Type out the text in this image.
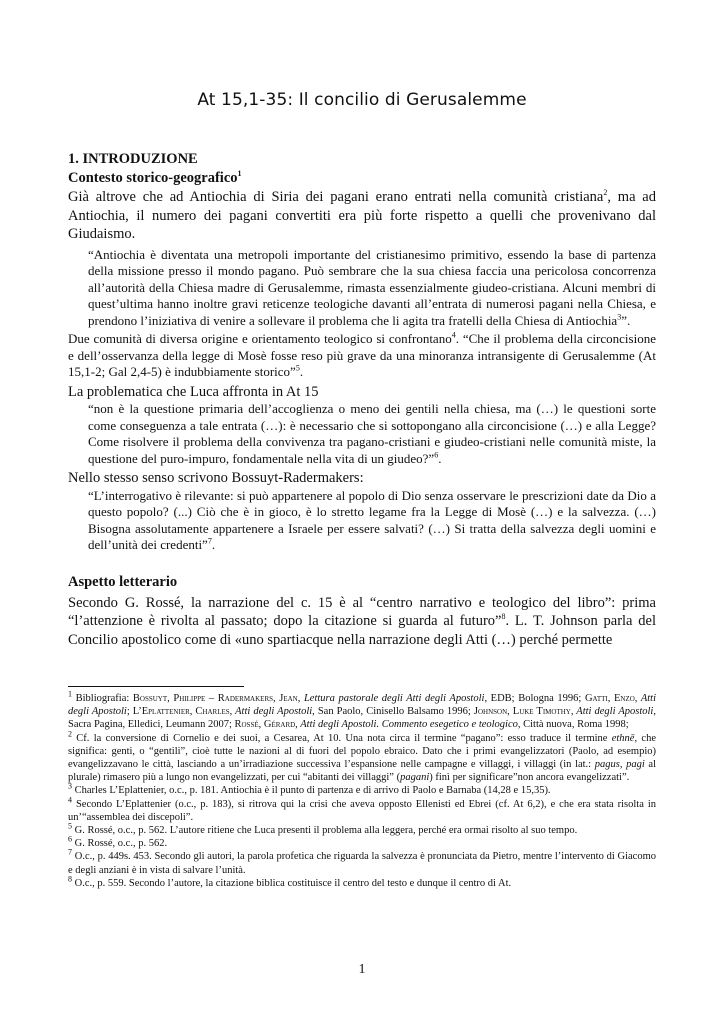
At 15,1-35: Il concilio di Gerusalemme

1. INTRODUZIONE

Contesto storico-geografico$^1$

Già altrove che ad Antiochia di Siria dei pagani erano entrati nella comunità cristiana$^2$, ma ad Antiochia, il numero dei pagani convertiti era più forte rispetto a quelli che provenivano dal Giudaismo.

“Antiochia è diventata una metropoli importante del cristianesimo primitivo, essendo la base di partenza della missione presso il mondo pagano. Può sembrare che la sua chiesa faccia una pericolosa concorrenza all’autorità della Chiesa madre di Gerusalemme, rimasta essenzialmente giudeo-cristiana. Alcuni membri di quest’ultima hanno inoltre gravi reticenze teologiche davanti all’entrata di numerosi pagani nella Chiesa, e prendono l’iniziativa di venire a sollevare il problema che li agita tra fratelli della Chiesa di Antiochia$^3$”.

Due comunità di diversa origine e orientamento teologico si confrontano$^4$. “Che il problema della circoncisione e dell’osservanza della legge di Mosè fosse reso più grave da una minoranza intransigente di Gerusalemme (At 15,1-2; Gal 2,4-5) è indubbiamente storico”$^5$.

La problematica che Luca affronta in At 15

“non è la questione primaria dell’accoglienza o meno dei gentili nella chiesa, ma (…) le questioni sorte come conseguenza a tale entrata (…): è necessario che si sottopongano alla circoncisione (…) e alla Legge? Come risolvere il problema della convivenza tra pagano-cristiani e giudeo-cristiani nelle comunità miste, la questione del puro-impuro, fondamentale nella vita di un giudeo?”$^6$.

Nello stesso senso scrivono Bossuyt-Radermakers:

“L’interrogativo è rilevante: si può appartenere al popolo di Dio senza osservare le prescrizioni date da Dio a questo popolo? (...) Ciò che è in gioco, è lo stretto legame fra la Legge di Mosè (…) e la salvezza. (…) Bisogna assolutamente appartenere a Israele per essere salvati? (…) Si tratta della salvezza degli uomini e dell’unità dei credenti”$^7$.

Aspetto letterario

Secondo G. Rossé, la narrazione del c. 15 è al “centro narrativo e teologico del libro”: prima “l’attenzione è rivolta al passato; dopo la citazione si guarda al futuro”$^8$. L. T. Johnson parla del Concilio apostolico come di «uno spartiacque nella narrazione degli Atti (…) perché permette

$^1$ Bibliografia: Bossuyt, Philippe – Radermakers, Jean, Lettura pastorale degli Atti degli Apostoli, EDB; Bologna 1996; Gatti, Enzo, Atti degli Apostoli; L’Eplattenier, Charles, Atti degli Apostoli, San Paolo, Cinisello Balsamo 1996; Johnson, Luke Timothy, Atti degli Apostoli, Sacra Pagina, Elledici, Leumann 2007; Rossé, Gérard, Atti degli Apostoli. Commento esegetico e teologico, Città nuova, Roma 1998;

$^2$ Cf. la conversione di Cornelio e dei suoi, a Cesarea, At 10. Una nota circa il termine “pagano”: esso traduce il termine ethnē, che significa: genti, o “gentili”, cioè tutte le nazioni al di fuori del popolo ebraico. Dato che i primi evangelizzatori (Paolo, ad esempio) evangelizzavano le città, lasciando a un’irradiazione successiva l’espansione nelle campagne e villaggi, i villaggi (in lat.: pagus, pagi al plurale) rimasero più a lungo non evangelizzati, per cui “abitanti dei villaggi” (pagani) finì per significare”non ancora evangelizzati”.

$^3$ Charles L’Eplattenier, o.c., p. 181. Antiochia è il punto di partenza e di arrivo di Paolo e Barnaba (14,28 e 15,35).

$^4$ Secondo L’Eplattenier (o.c., p. 183), si ritrova qui la crisi che aveva opposto Ellenisti ed Ebrei (cf. At 6,2), e che era stata risolta in un’“assemblea dei discepoli”.

$^5$ G. Rossé, o.c., p. 562. L’autore ritiene che Luca presenti il problema alla leggera, perché era ormai risolto al suo tempo.

$^6$ G. Rossé, o.c., p. 562.

$^7$ O.c., p. 449s. 453. Secondo gli autori, la parola profetica che riguarda la salvezza è pronunciata da Pietro, mentre l’intervento di Giacomo e degli anziani è in vista di salvare l’unità.

$^8$ O.c., p. 559. Secondo l’autore, la citazione biblica costituisce il centro del testo e dunque il centro di At.

1
